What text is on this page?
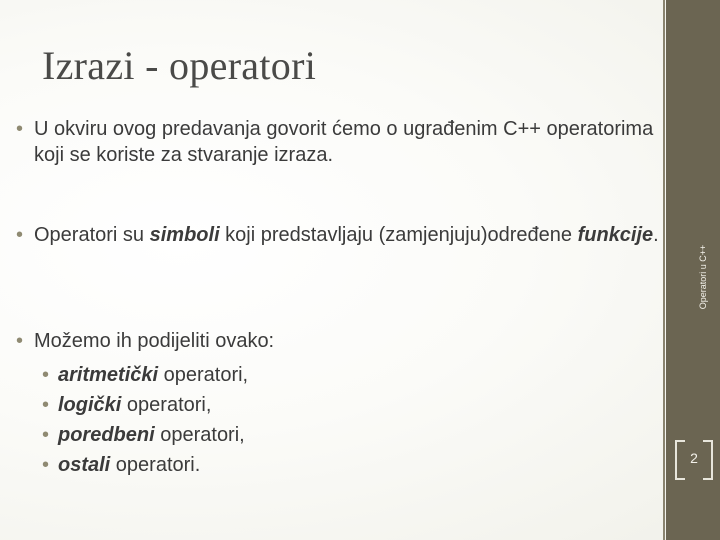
Izrazi - operatori
Operatori u C++
2
• U okviru ovog predavanja govorit ćemo o ugrađenim C++ operatorima koji se koriste za stvaranje izraza.
• Operatori su simboli koji predstavljaju (zamjenjuju)određene funkcije.
• Možemo ih podijeliti ovako:
• aritmetički operatori,
• logički operatori,
• poredbeni operatori,
• ostali operatori.
